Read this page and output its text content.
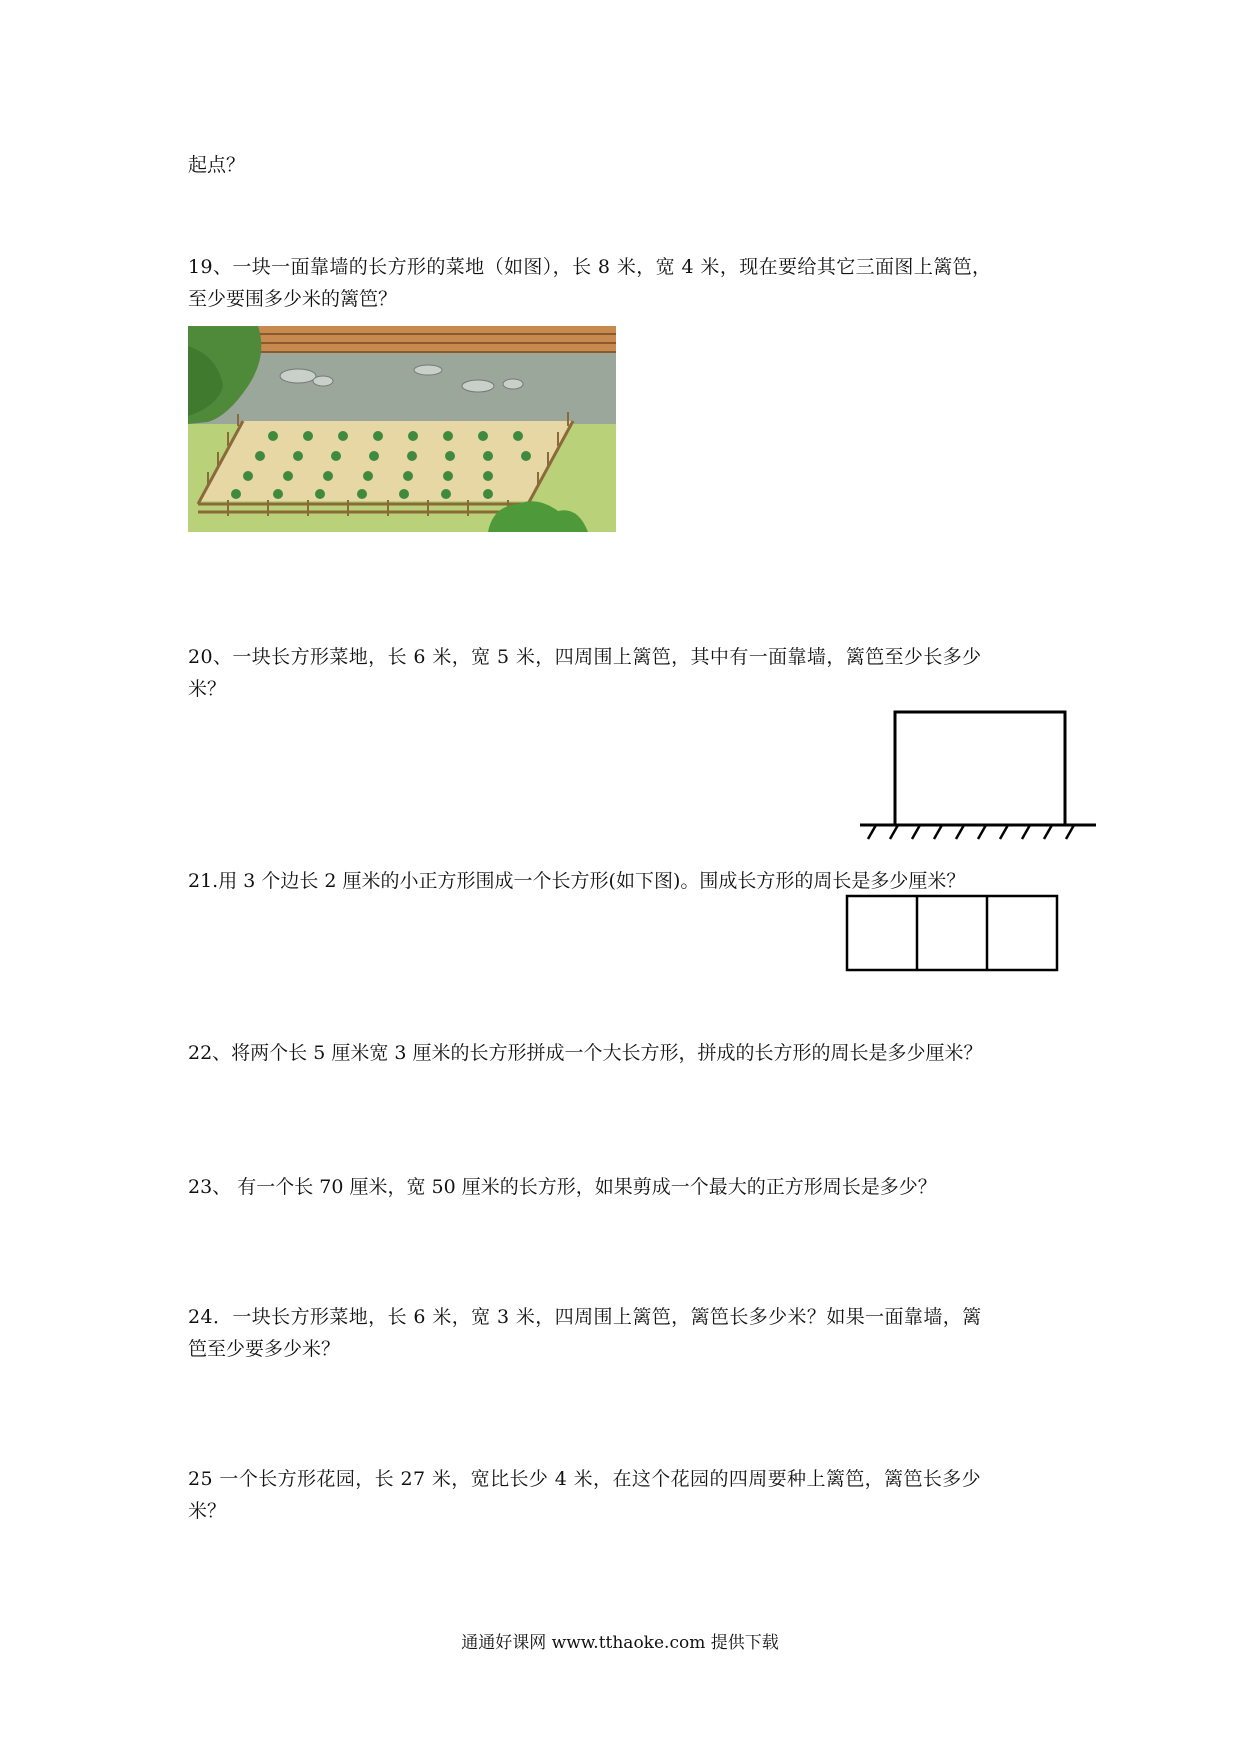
起点？
19、一块一面靠墙的长方形的菜地（如图），长 8 米，宽 4 米，现在要给其它三面图上篱笆，
至少要围多少米的篱笆？
20、一块长方形菜地，长 6 米，宽 5 米，四周围上篱笆，其中有一面靠墙，篱笆至少长多少
米？
21.用 3 个边长 2 厘米的小正方形围成一个长方形(如下图)。围成长方形的周长是多少厘米？
22、将两个长 5 厘米宽 3 厘米的长方形拼成一个大长方形，拼成的长方形的周长是多少厘米？
23、 有一个长 70 厘米，宽 50 厘米的长方形，如果剪成一个最大的正方形周长是多少？
24．一块长方形菜地，长 6 米，宽 3 米，四周围上篱笆，篱笆长多少米？如果一面靠墙，篱
笆至少要多少米？
25 一个长方形花园，长 27 米，宽比长少 4 米，在这个花园的四周要种上篱笆，篱笆长多少
米？
通通好课网 www.tthaoke.com 提供下载
